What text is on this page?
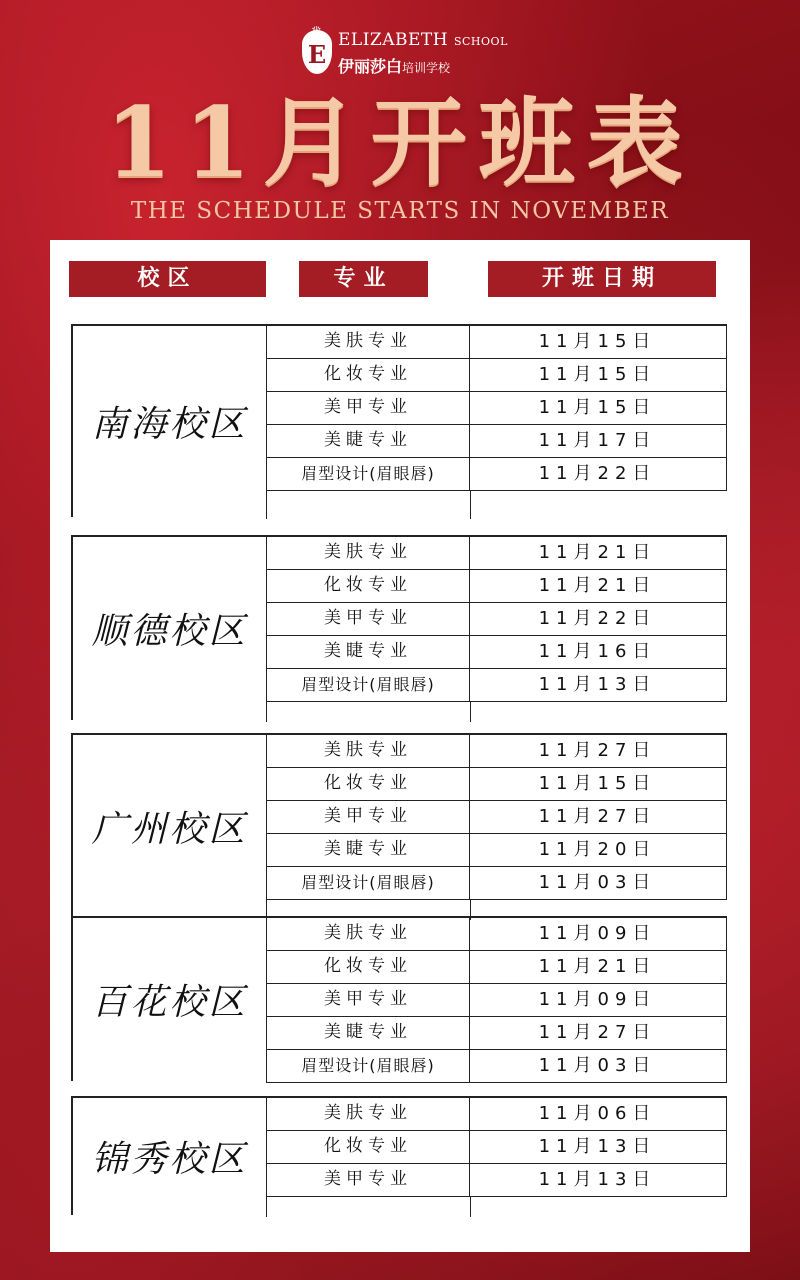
E
♛ ELIZABETH SCHOOL
伊丽莎白培训学校
11月开班表
THE SCHEDULE STARTS IN NOVEMBER
校区	专业	开班日期
南海校区
美肤专业	11月15日
化妆专业	11月15日
美甲专业	11月15日
美睫专业	11月17日
眉型设计(眉眼唇)	11月22日
顺德校区
美肤专业	11月21日
化妆专业	11月21日
美甲专业	11月22日
美睫专业	11月16日
眉型设计(眉眼唇)	11月13日
广州校区
美肤专业	11月27日
化妆专业	11月15日
美甲专业	11月27日
美睫专业	11月20日
眉型设计(眉眼唇)	11月03日
百花校区
美肤专业	11月09日
化妆专业	11月21日
美甲专业	11月09日
美睫专业	11月27日
眉型设计(眉眼唇)	11月03日
锦秀校区
美肤专业	11月06日
化妆专业	11月13日
美甲专业	11月13日
